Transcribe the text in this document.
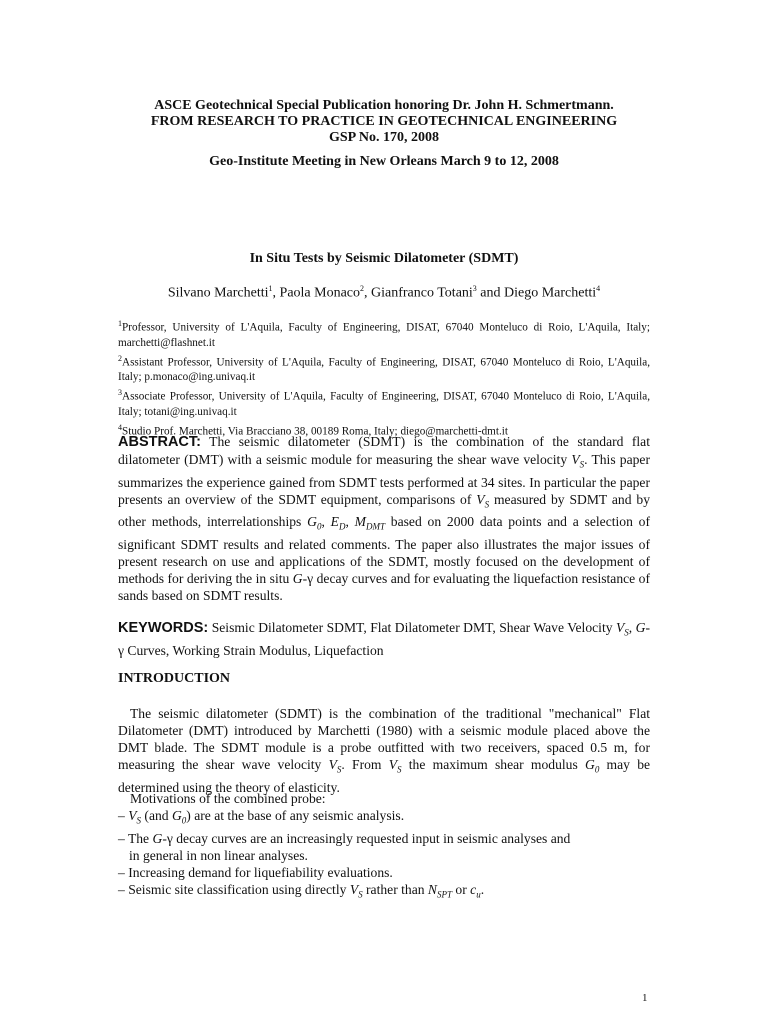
ASCE Geotechnical Special Publication honoring Dr. John H. Schmertmann.
FROM RESEARCH TO PRACTICE IN GEOTECHNICAL ENGINEERING
GSP No. 170, 2008
Geo-Institute Meeting in New Orleans March 9 to 12, 2008
In Situ Tests by Seismic Dilatometer (SDMT)
Silvano Marchetti$^1$, Paola Monaco$^2$, Gianfranco Totani$^3$ and Diego Marchetti$^4$
$^1$Professor, University of L'Aquila, Faculty of Engineering, DISAT, 67040 Monteluco di Roio, L'Aquila, Italy; marchetti@flashnet.it
$^2$Assistant Professor, University of L'Aquila, Faculty of Engineering, DISAT, 67040 Monteluco di Roio, L'Aquila, Italy; p.monaco@ing.univaq.it
$^3$Associate Professor, University of L'Aquila, Faculty of Engineering, DISAT, 67040 Monteluco di Roio, L'Aquila, Italy; totani@ing.univaq.it
$^4$Studio Prof. Marchetti, Via Bracciano 38, 00189 Roma, Italy; diego@marchetti-dmt.it
ABSTRACT: The seismic dilatometer (SDMT) is the combination of the standard flat dilatometer (DMT) with a seismic module for measuring the shear wave velocity $V_S$. This paper summarizes the experience gained from SDMT tests performed at 34 sites. In particular the paper presents an overview of the SDMT equipment, comparisons of $V_S$ measured by SDMT and by other methods, interrelationships $G_0$, $E_D$, $M_{DMT}$ based on 2000 data points and a selection of significant SDMT results and related comments. The paper also illustrates the major issues of present research on use and applications of the SDMT, mostly focused on the development of methods for deriving the in situ G-γ decay curves and for evaluating the liquefaction resistance of sands based on SDMT results.
KEYWORDS: Seismic Dilatometer SDMT, Flat Dilatometer DMT, Shear Wave Velocity $V_S$, G-γ Curves, Working Strain Modulus, Liquefaction
INTRODUCTION
The seismic dilatometer (SDMT) is the combination of the traditional "mechanical" Flat Dilatometer (DMT) introduced by Marchetti (1980) with a seismic module placed above the DMT blade. The SDMT module is a probe outfitted with two receivers, spaced 0.5 m, for measuring the shear wave velocity $V_S$. From $V_S$ the maximum shear modulus $G_0$ may be determined using the theory of elasticity.
Motivations of the combined probe:
– $V_S$ (and $G_0$) are at the base of any seismic analysis.
– The G-γ decay curves are an increasingly requested input in seismic analyses and
in general in non linear analyses.
– Increasing demand for liquefiability evaluations.
– Seismic site classification using directly $V_S$ rather than $N_{SPT}$ or $c_u$.
1
